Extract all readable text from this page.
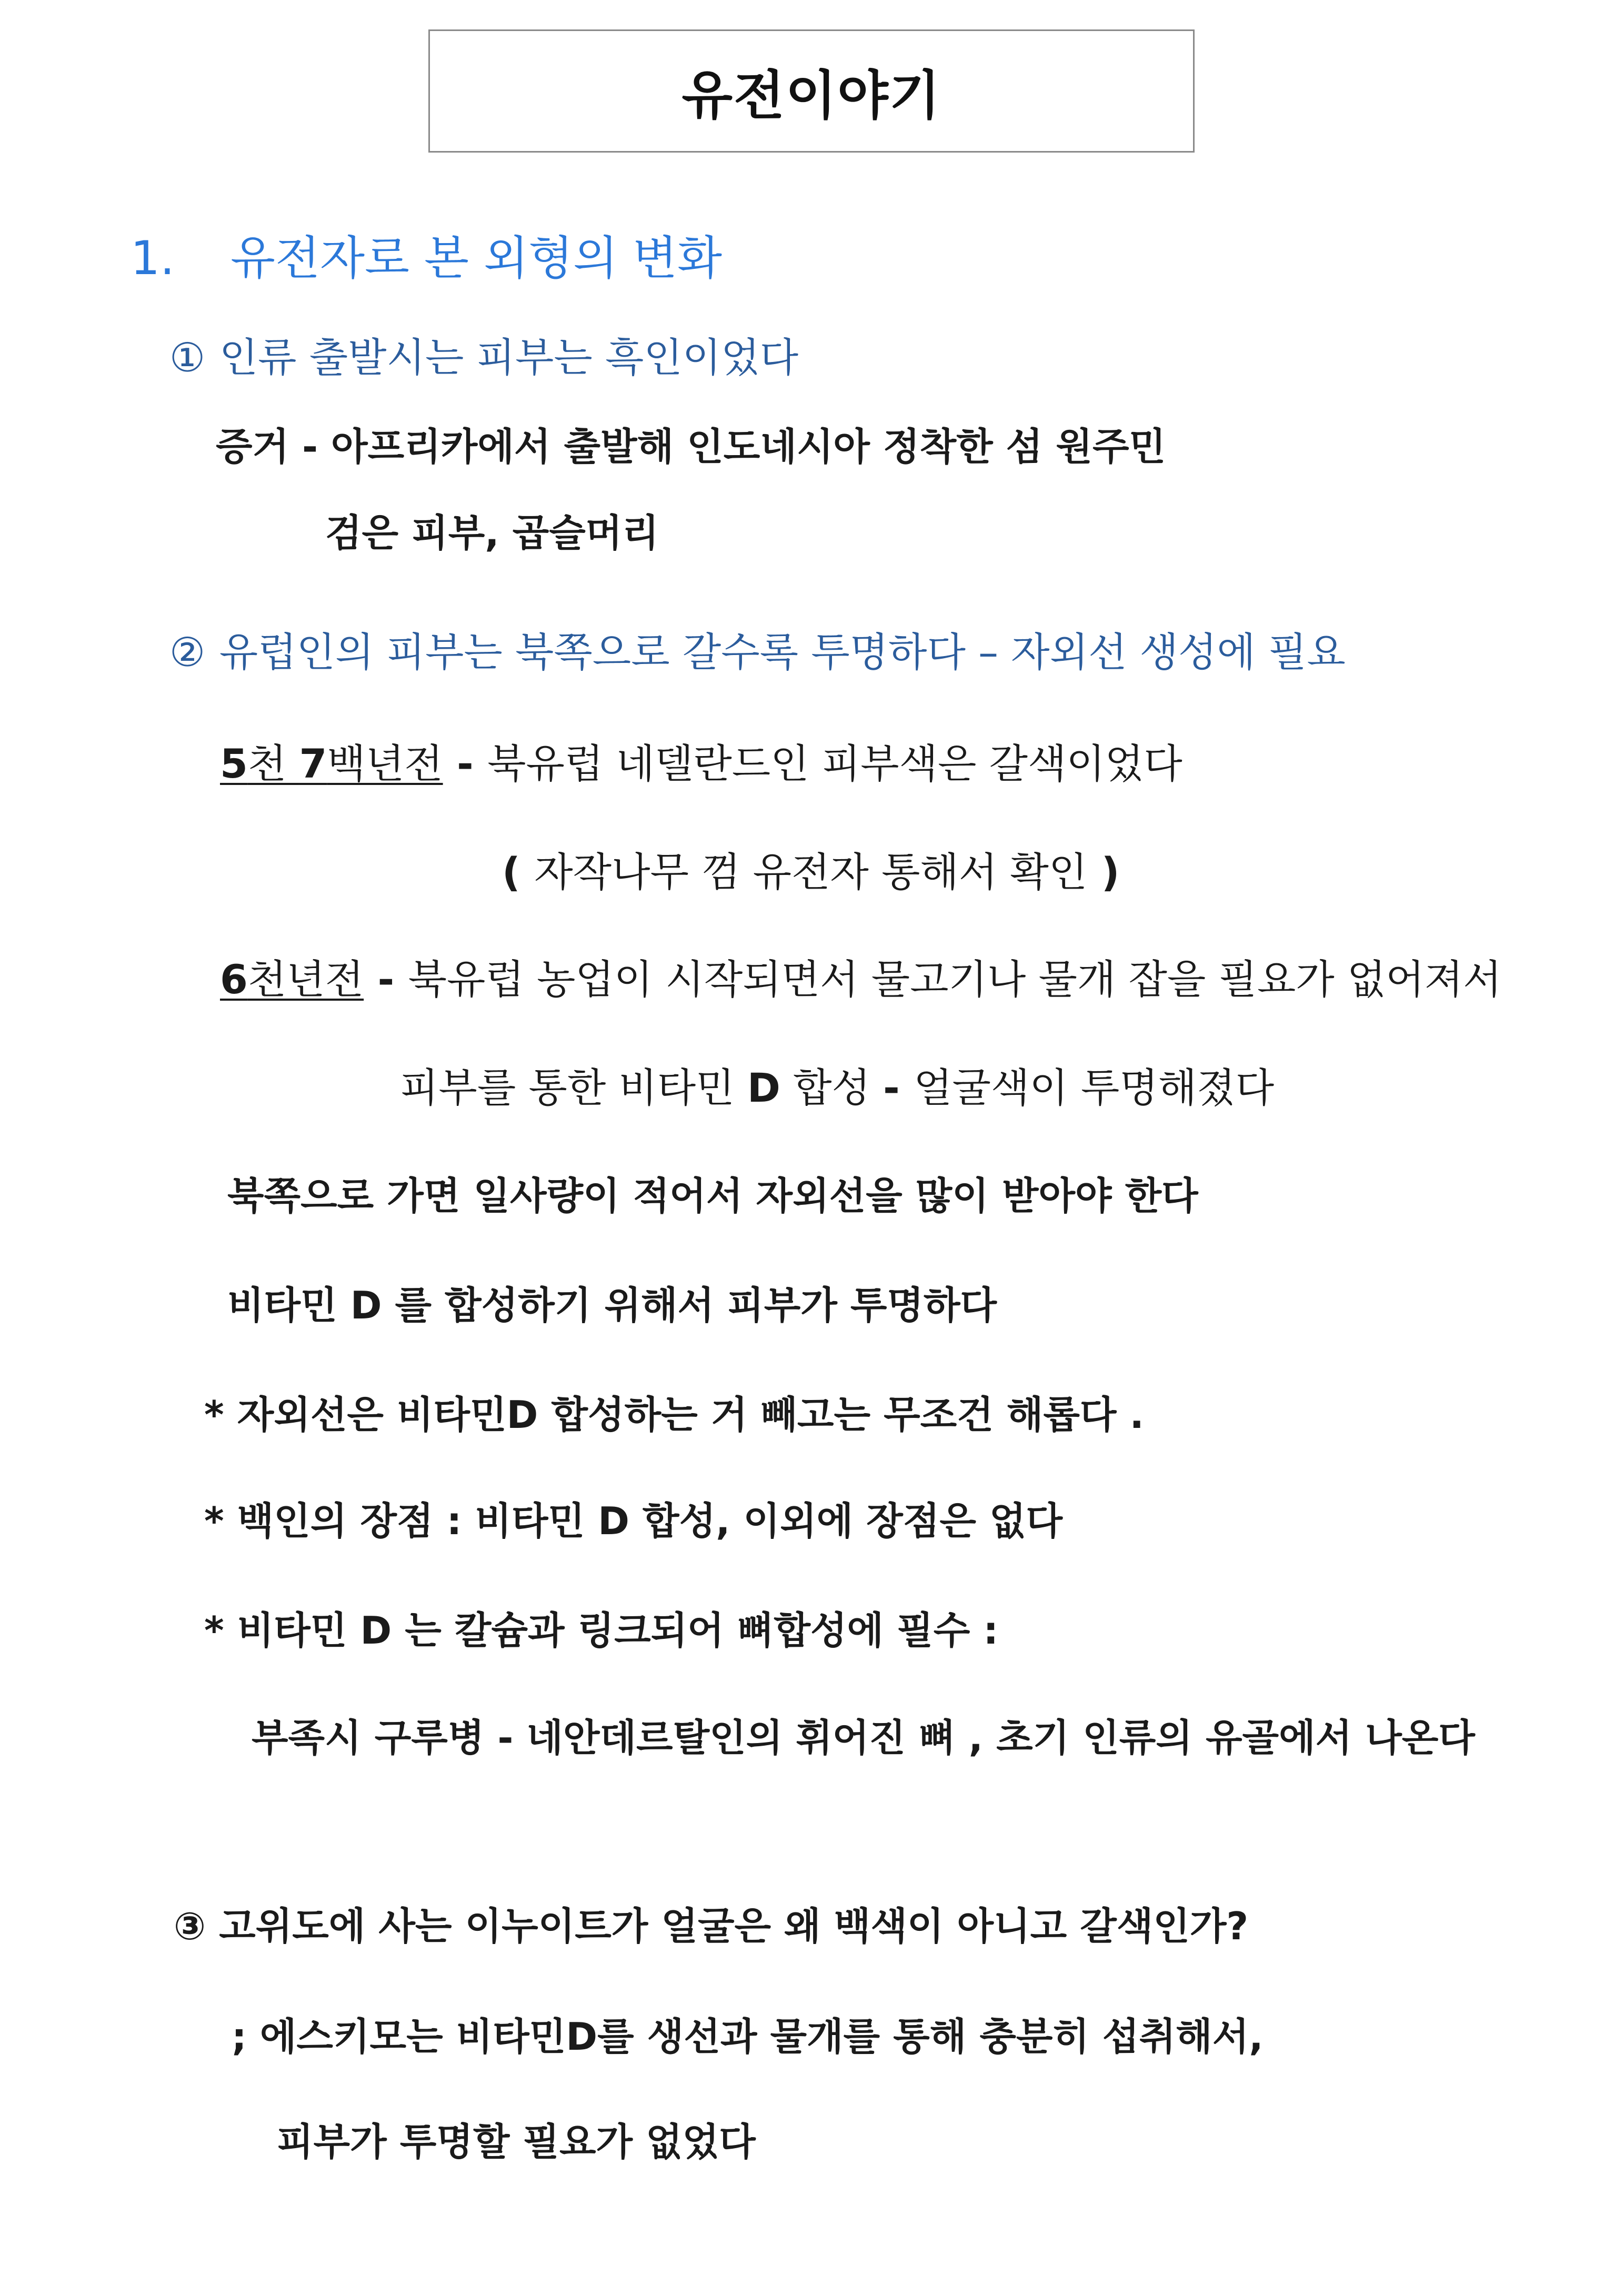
유전이야기
1. 유전자로 본 외형의 변화
① 인류 출발시는 피부는 흑인이었다
증거 - 아프리카에서 출발해 인도네시아 정착한 섬 원주민
검은 피부, 곱슬머리
② 유럽인의 피부는 북쪽으로 갈수록 투명하다 – 자외선 생성에 필요
5천 7백년전 - 북유럽 네델란드인 피부색은 갈색이었다
( 자작나무 껌 유전자 통해서 확인 )
6천년전 - 북유럽 농업이 시작되면서 물고기나 물개 잡을 필요가 없어져서
피부를 통한 비타민 D 합성 - 얼굴색이 투명해졌다
북쪽으로 가면 일사량이 적어서 자외선을 많이 받아야 한다
비타민 D 를 합성하기 위해서 피부가 투명하다
* 자외선은 비타민D 합성하는 거 빼고는 무조건 해롭다 .
* 백인의 장점 : 비타민 D 합성, 이외에 장점은 없다
* 비타민 D 는 칼슘과 링크되어 뼈합성에 필수 :
부족시 구루병 - 네안데르탈인의 휘어진 뼈 , 초기 인류의 유골에서 나온다
③ 고위도에 사는 이누이트가 얼굴은 왜 백색이 아니고 갈색인가?
; 에스키모는 비타민D를 생선과 물개를 통해 충분히 섭취해서,
피부가 투명할 필요가 없었다
